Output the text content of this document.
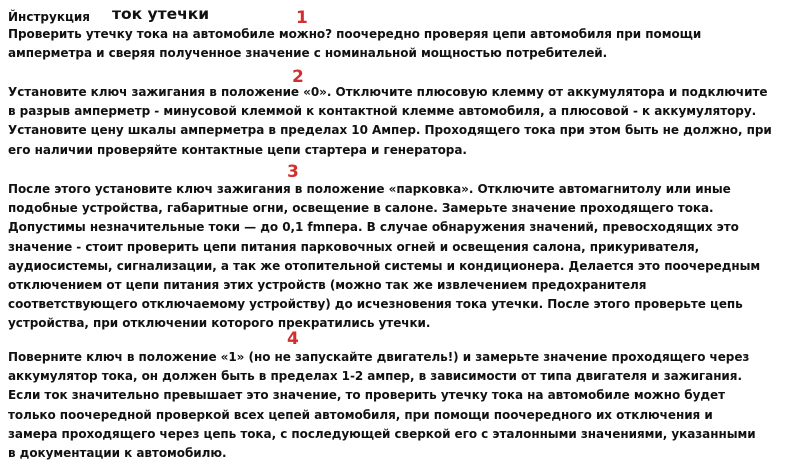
Йнструкция ток утечки	1
Проверить утечку тока на автомобиле можно? поочередно проверяя цепи автомобиля при помощи
амперметра и сверяя полученное значение с номинальной мощностью потребителей.
2
Установите ключ зажигания в положение «0». Отключите плюсовую клемму от аккумулятора и подключите
в разрыв амперметр - минусовой клеммой к контактной клемме автомобиля, а плюсовой - к аккумулятору.
Установите цену шкалы амперметра в пределах 10 Ампер. Проходящего тока при этом быть не должно, при
его наличии проверяйте контактные цепи стартера и генератора.
3
После этого установите ключ зажигания в положение «парковка». Отключите автомагнитолу или иные
подобные устройства, габаритные огни, освещение в салоне. Замерьте значение проходящего тока.
Допустимы незначительные токи — до 0,1 fmпера. В случае обнаружения значений, превосходящих это
значение - стоит проверить цепи питания парковочных огней и освещения салона, прикуривателя,
аудиосистемы, сигнализации, а так же отопительной системы и кондиционера. Делается это поочередным
отключением от цепи питания этих устройств (можно так же извлечением предохранителя
соответствующего отключаемому устройству) до исчезновения тока утечки. После этого проверьте цепь
устройства, при отключении которого прекратились утечки.
4
Поверните ключ в положение «1» (но не запускайте двигатель!) и замерьте значение проходящего через
аккумулятор тока, он должен быть в пределах 1-2 ампер, в зависимости от типа двигателя и зажигания.
Если ток значительно превышает это значение, то проверить утечку тока на автомобиле можно будет
только поочередной проверкой всех цепей автомобиля, при помощи поочередного их отключения и
замера проходящего через цепь тока, с последующей сверкой его с эталонными значениями, указанными
в документации к автомобилю.
